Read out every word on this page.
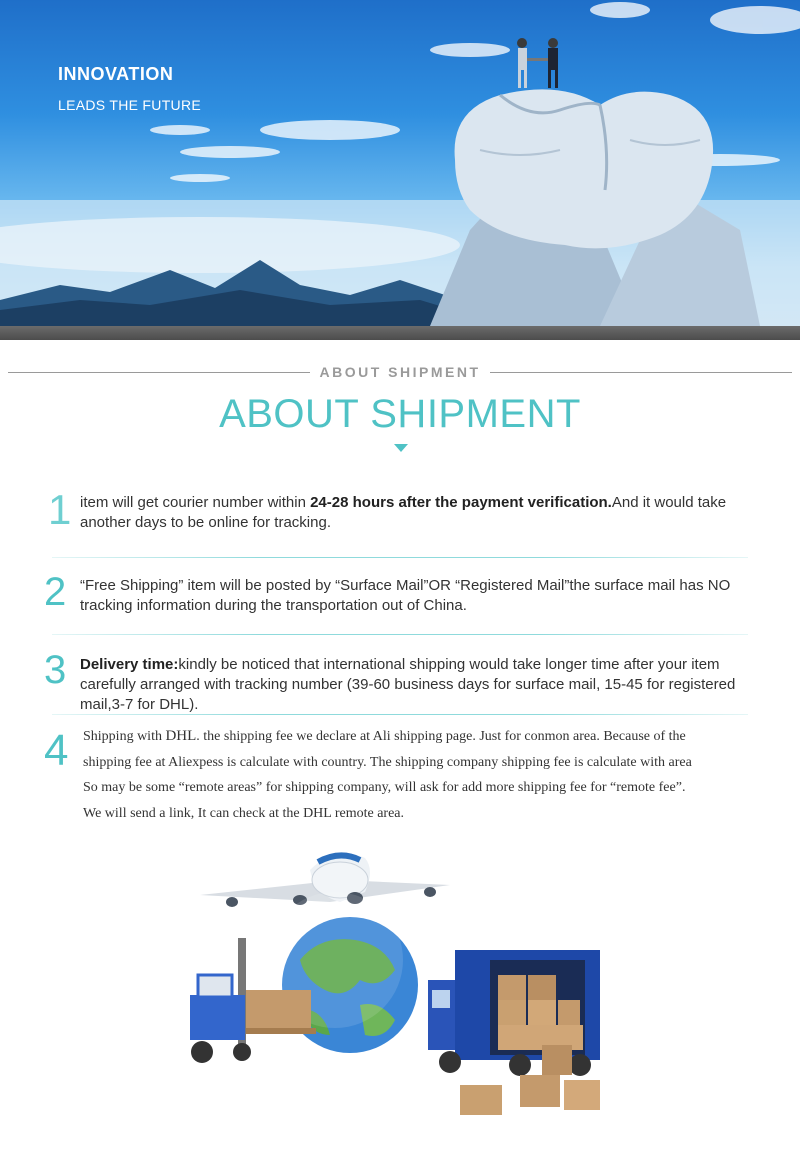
INNOVATION

LEADS THE FUTURE

ABOUT SHIPMENT

ABOUT SHIPMENT

1 item will get courier number within 24-28 hours after the payment verification.And it would take another days to be online for tracking.

2 “Free Shipping” item will be posted by “Surface Mail”OR “Registered Mail”the surface mail has NO tracking information during the transportation out of China.

3 Delivery time:kindly be noticed that international shipping would take longer time after your item carefully arranged with tracking number (39-60 business days for surface mail, 15-45 for registered mail,3-7 for DHL).

4 Shipping with DHL. the shipping fee we declare at Ali shipping page. Just for conmon area. Because of the
shipping fee at Aliexpess is calculate with country. The shipping company shipping fee is calculate with area
So may be some “remote areas” for shipping company, will ask for add more shipping fee for “remote fee”.
We will send a link, It can check at the DHL remote area.
